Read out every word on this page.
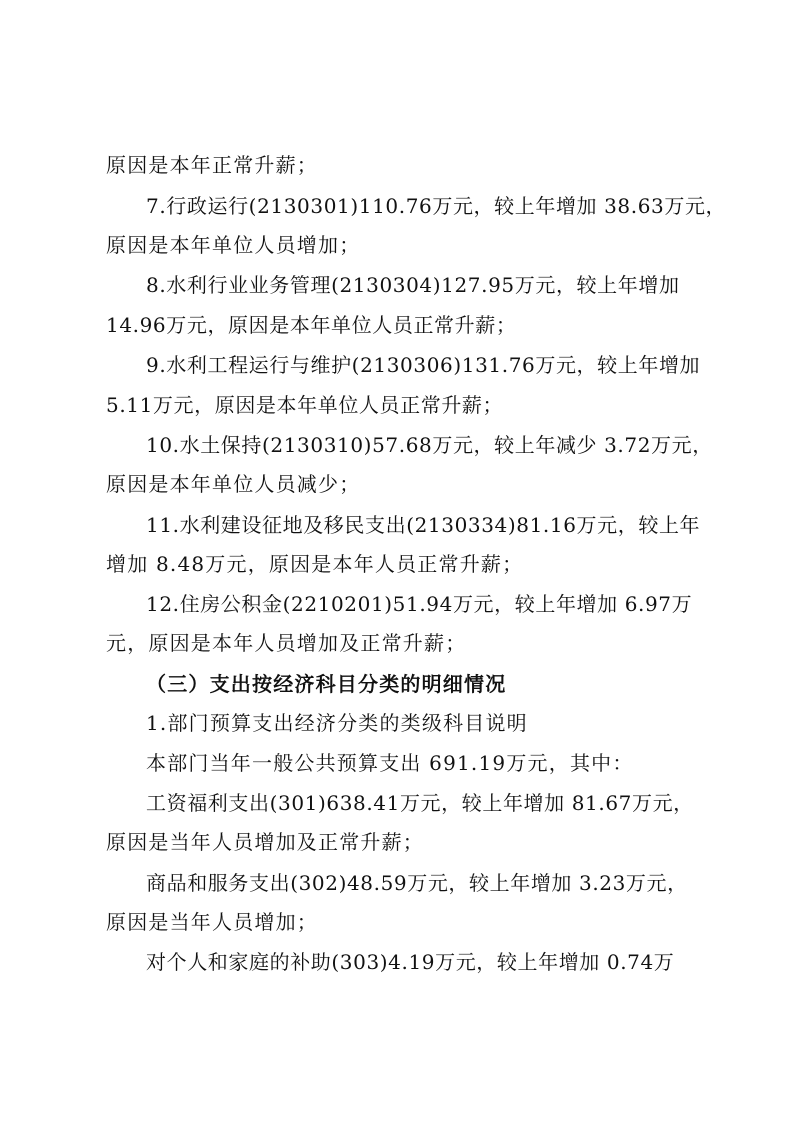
原因是本年正常升薪；
7.行政运行(2130301)110.76万元，较上年增加 38.63万元，
原因是本年单位人员增加；
8.水利行业业务管理(2130304)127.95万元，较上年增加
14.96万元，原因是本年单位人员正常升薪；
9.水利工程运行与维护(2130306)131.76万元，较上年增加
5.11万元，原因是本年单位人员正常升薪；
10.水土保持(2130310)57.68万元，较上年减少 3.72万元，
原因是本年单位人员减少；
11.水利建设征地及移民支出(2130334)81.16万元，较上年
增加 8.48万元，原因是本年人员正常升薪；
12.住房公积金(2210201)51.94万元，较上年增加 6.97万
元，原因是本年人员增加及正常升薪；
（三）支出按经济科目分类的明细情况
1.部门预算支出经济分类的类级科目说明
本部门当年一般公共预算支出 691.19万元，其中：
工资福利支出(301)638.41万元，较上年增加 81.67万元，
原因是当年人员增加及正常升薪；
商品和服务支出(302)48.59万元，较上年增加 3.23万元，
原因是当年人员增加；
对个人和家庭的补助(303)4.19万元，较上年增加 0.74万
